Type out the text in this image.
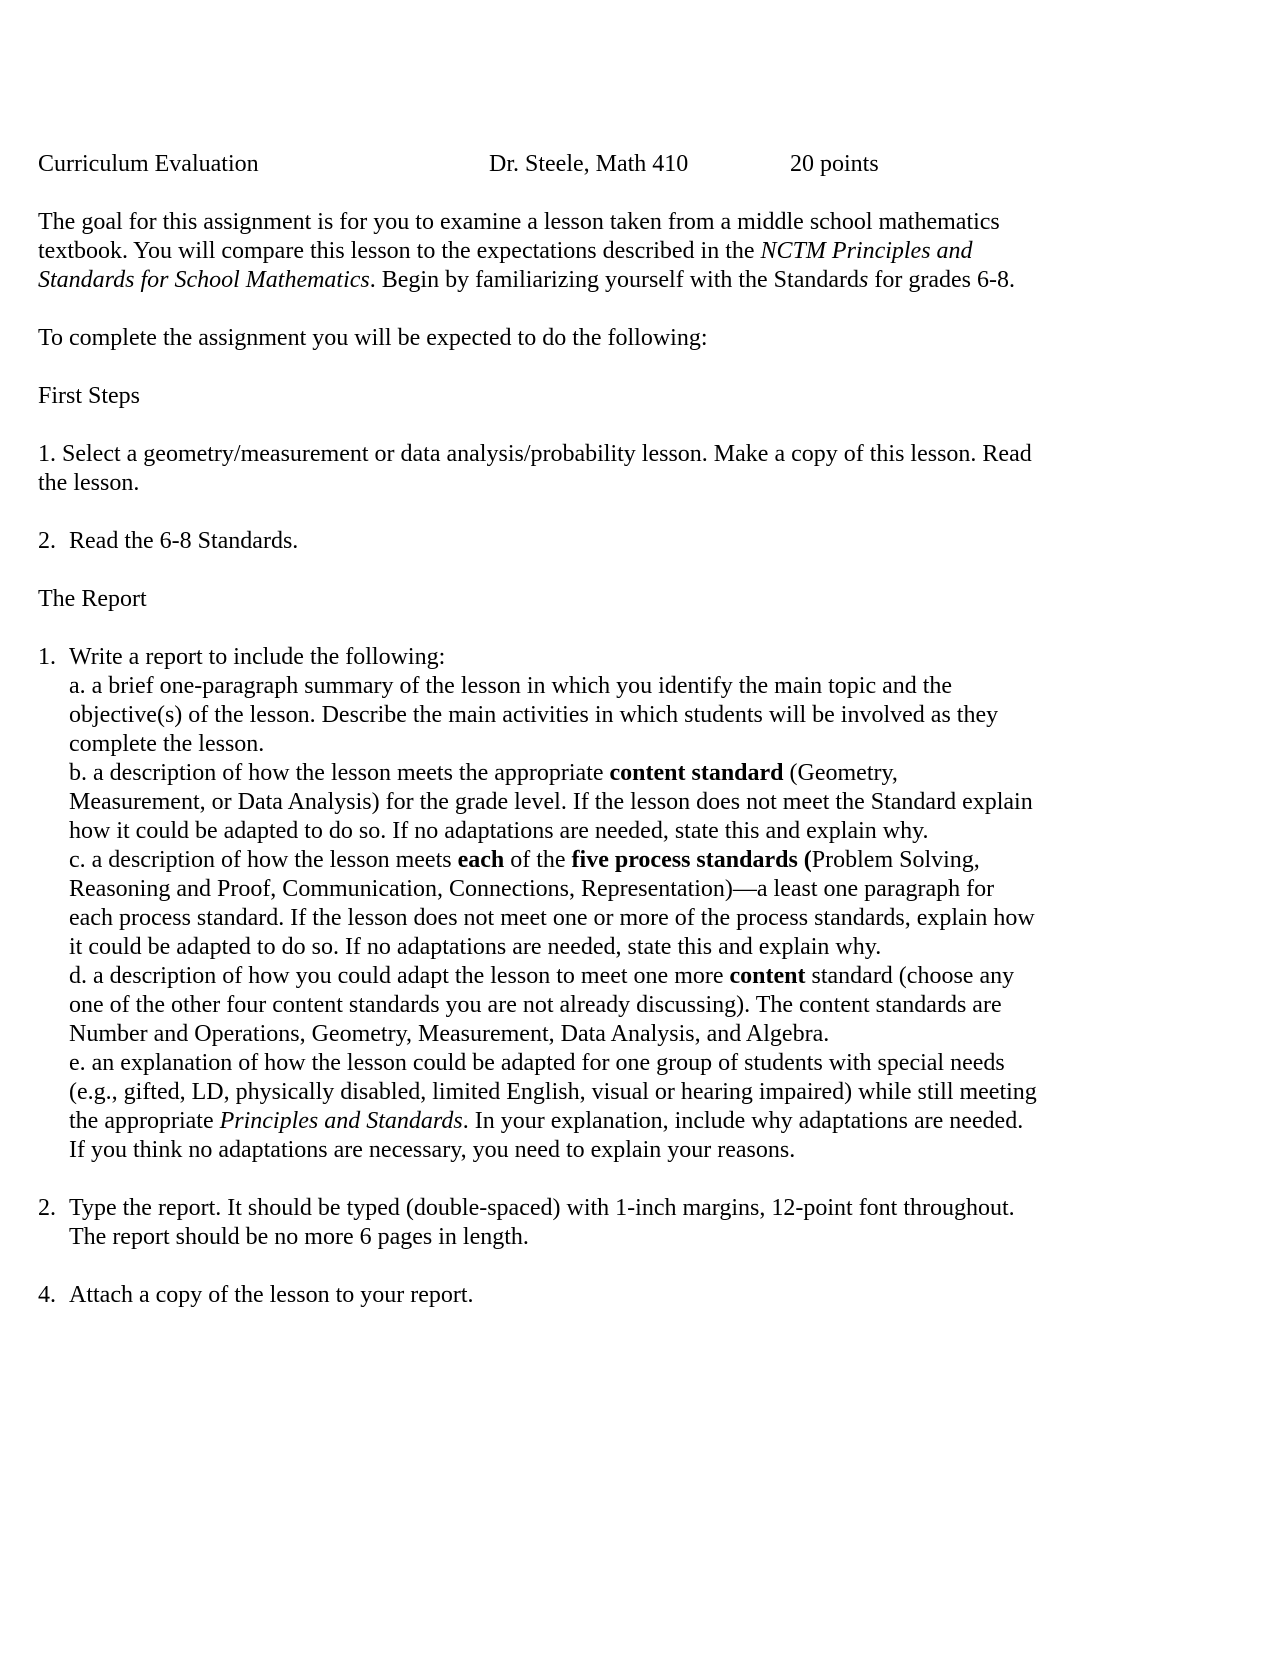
Curriculum Evaluation	Dr. Steele, Math 410	20 points

The goal for this assignment is for you to examine a lesson taken from a middle school mathematics textbook. You will compare this lesson to the expectations described in the NCTM Principles and Standards for School Mathematics. Begin by familiarizing yourself with the Standards for grades 6-8.

To complete the assignment you will be expected to do the following:

First Steps

1. Select a geometry/measurement or data analysis/probability lesson. Make a copy of this lesson. Read the lesson.

2. Read the 6-8 Standards.

The Report

1. Write a report to include the following:

a. a brief one-paragraph summary of the lesson in which you identify the main topic and the objective(s) of the lesson. Describe the main activities in which students will be involved as they complete the lesson.

b. a description of how the lesson meets the appropriate content standard (Geometry, Measurement, or Data Analysis) for the grade level. If the lesson does not meet the Standard explain how it could be adapted to do so. If no adaptations are needed, state this and explain why.

c. a description of how the lesson meets each of the five process standards (Problem Solving, Reasoning and Proof, Communication, Connections, Representation)—a least one paragraph for each process standard. If the lesson does not meet one or more of the process standards, explain how it could be adapted to do so. If no adaptations are needed, state this and explain why.

d. a description of how you could adapt the lesson to meet one more content standard (choose any one of the other four content standards you are not already discussing). The content standards are Number and Operations, Geometry, Measurement, Data Analysis, and Algebra.

e. an explanation of how the lesson could be adapted for one group of students with special needs (e.g., gifted, LD, physically disabled, limited English, visual or hearing impaired) while still meeting the appropriate Principles and Standards. In your explanation, include why adaptations are needed. If you think no adaptations are necessary, you need to explain your reasons.

2. Type the report. It should be typed (double-spaced) with 1-inch margins, 12-point font throughout. The report should be no more 6 pages in length.

4. Attach a copy of the lesson to your report.
